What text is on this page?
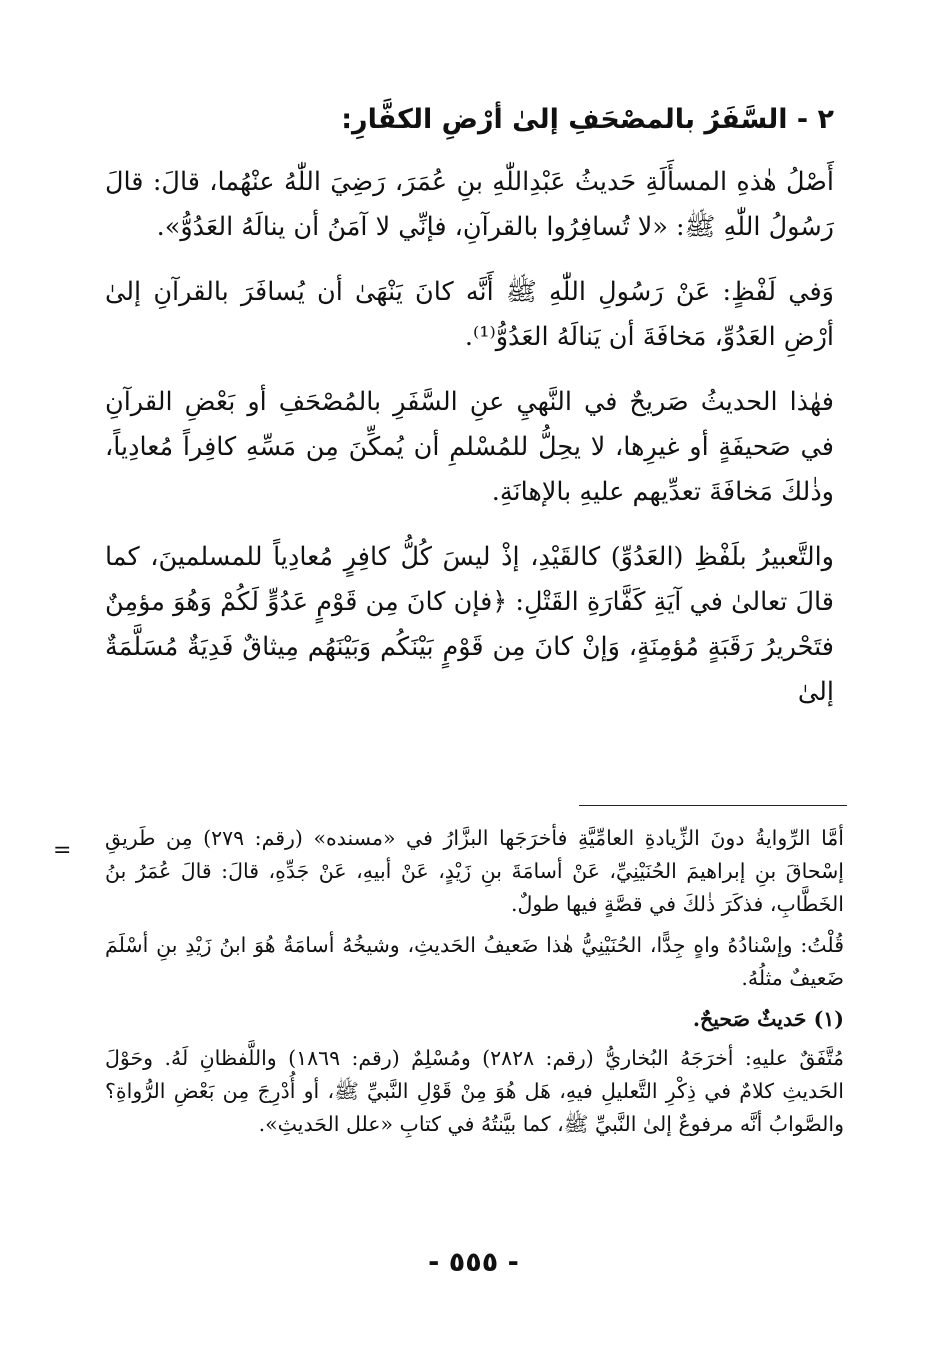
٢ - السَّفَرُ بالمصْحَفِ إلىٰ أرْضِ الكفَّارِ:

أَصْلُ هٰذهِ المسأَلَةِ حَديثُ عَبْدِاللّٰهِ بنِ عُمَرَ، رَضِيَ اللّٰهُ عنْهُما، قالَ: قالَ رَسُولُ اللّٰهِ ﷺ: «لا تُسافِرُوا بالقرآنِ، فإنِّي لا آمَنُ أن ينالَهُ العَدُوُّ».

وَفي لَفْظٍ: عَنْ رَسُولِ اللّٰهِ ﷺ أَنَّه كانَ يَنْهَىٰ أن يُسافَرَ بالقرآنِ إلىٰ أرْضِ العَدُوِّ، مَخافَةَ أن يَنالَهُ العَدُوُّ⁽¹⁾.

فهٰذا الحديثُ صَريحٌ في النَّهيِ عنِ السَّفَرِ بالمُصْحَفِ أو بَعْضِ القرآنِ في صَحيفَةٍ أو غيرِها، لا يحِلُّ للمُسْلمِ أن يُمكِّنَ مِن مَسِّهِ كافِراً مُعادِياً، وذٰلكَ مَخافَةَ تعدِّيهم عليهِ بالإهانَةِ.

والتَّعبيرُ بلَفْظِ (العَدُوِّ) كالقَيْدِ، إذْ ليسَ كُلُّ كافِرٍ مُعادِياً للمسلمينَ، كما قالَ تعالىٰ في آيَةِ كَفَّارَةِ القَتْلِ: ﴿فإن كانَ مِن قَوْمٍ عَدُوٍّ لَكُمْ وَهُوَ مؤمِنٌ فتَحْريرُ رَقَبَةٍ مُؤمِنَةٍ، وَإنْ كانَ مِن قَوْمٍ بَيْنَكُم وَبَيْنَهُم مِيثاقٌ فَدِيَةٌ مُسَلَّمَةٌ إلىٰ

= أمَّا الرِّوايةُ دونَ الزِّيادةِ العامِّيَّةِ فأخرَجَها البزَّارُ في «مسنده» (رقم: ٢٧٩) مِن طَريقِ إسْحاقَ بنِ إبراهيمَ الحُنَيْنِيِّ، عَنْ أسامَةَ بنِ زَيْدٍ، عَنْ أبيهِ، عَنْ جَدِّهِ، قالَ: قالَ عُمَرُ بنُ الخَطَّابِ، فذكَرَ ذٰلكَ في قصَّةٍ فيها طولٌ.

قُلْتُ: وإسْنادُهُ واهٍ جِدًّا، الحُنَيْنِيُّ هٰذا ضَعيفُ الحَديثِ، وشيخُهُ أسامَةُ هُوَ ابنُ زَيْدِ بنِ أسْلَمَ ضَعيفٌ مثلُهُ.

(١) حَديثٌ صَحيحٌ.

مُتَّفَقٌ عليهِ: أخرَجَهُ البُخاريُّ (رقم: ٢٨٢٨) ومُسْلِمٌ (رقم: ١٨٦٩) واللَّفظانِ لَهُ. وحَوْلَ الحَديثِ كلامٌ في ذِكْرِ التَّعليلِ فيهِ، هَل هُوَ مِنْ قَوْلِ النَّبيِّ ﷺ، أو أُدْرِجَ مِن بَعْضِ الرُّواةِ؟ والصَّوابُ أنَّه مرفوعٌ إلىٰ النَّبيِّ ﷺ، كما بيَّنتُهُ في كتابِ «علل الحَديثِ».

- ٥٥٥ -
